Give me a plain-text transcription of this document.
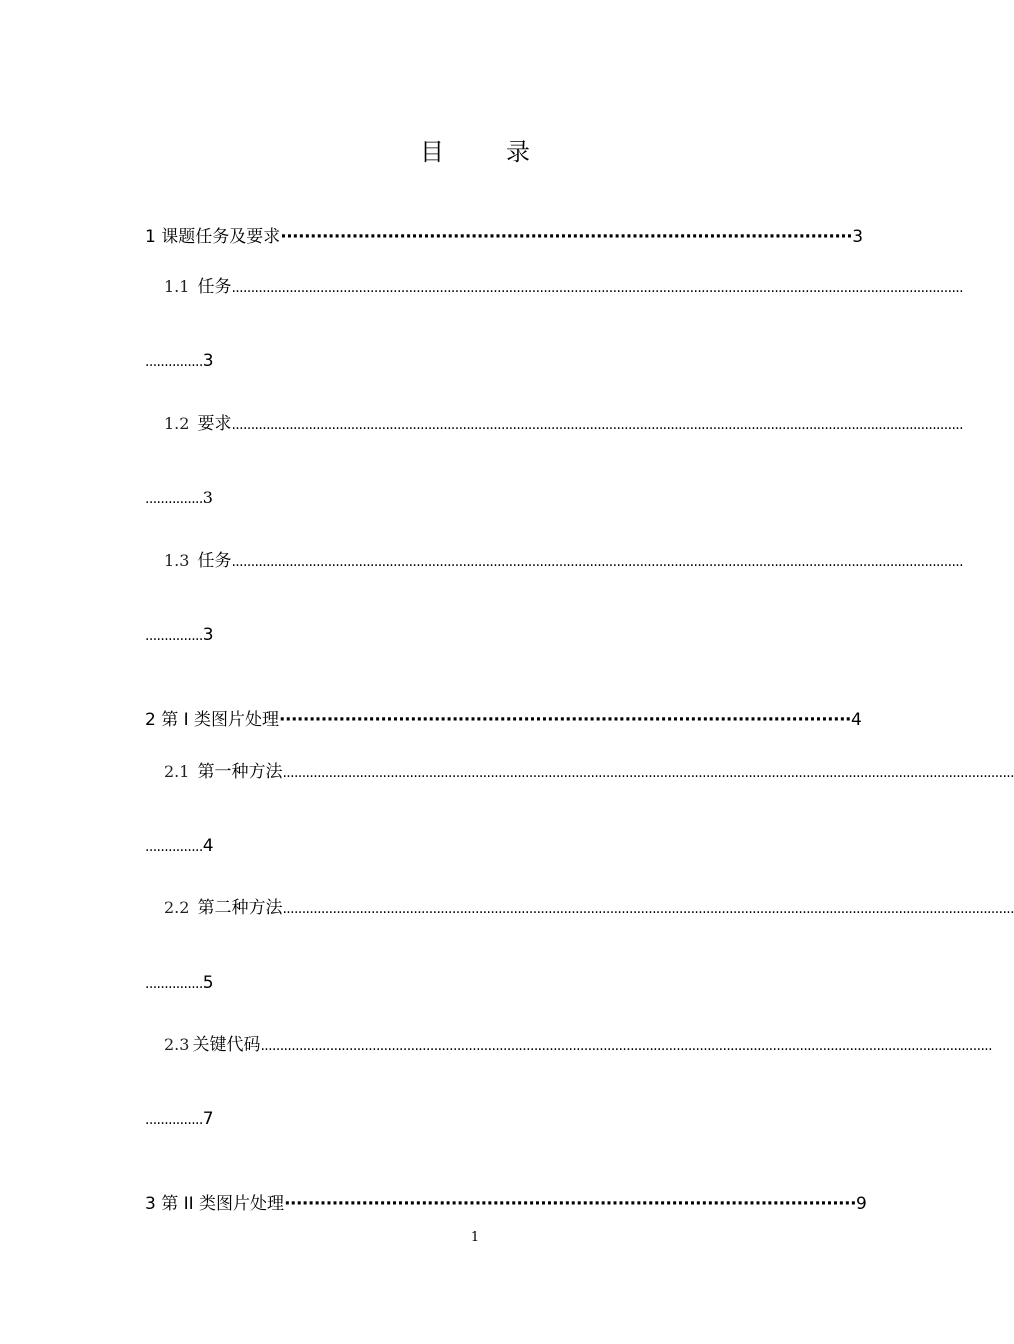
目	录
1 课题任务及要求 ································································································ 3
1.1 任务 ..............................................................................................................................................................................................
...............3
1.2 要求 ..............................................................................................................................................................................................
...............3
1.3 任务 ..............................................................................................................................................................................................
...............3
2 第 I 类图片处理 ································································································ 4
2.1 第一种方法 ..............................................................................................................................................................................................
...............4
2.2 第二种方法 ..............................................................................................................................................................................................
...............5
2.3 关键代码 ..............................................................................................................................................................................................
...............7
3 第 II 类图片处理 ································································································ 9
1
